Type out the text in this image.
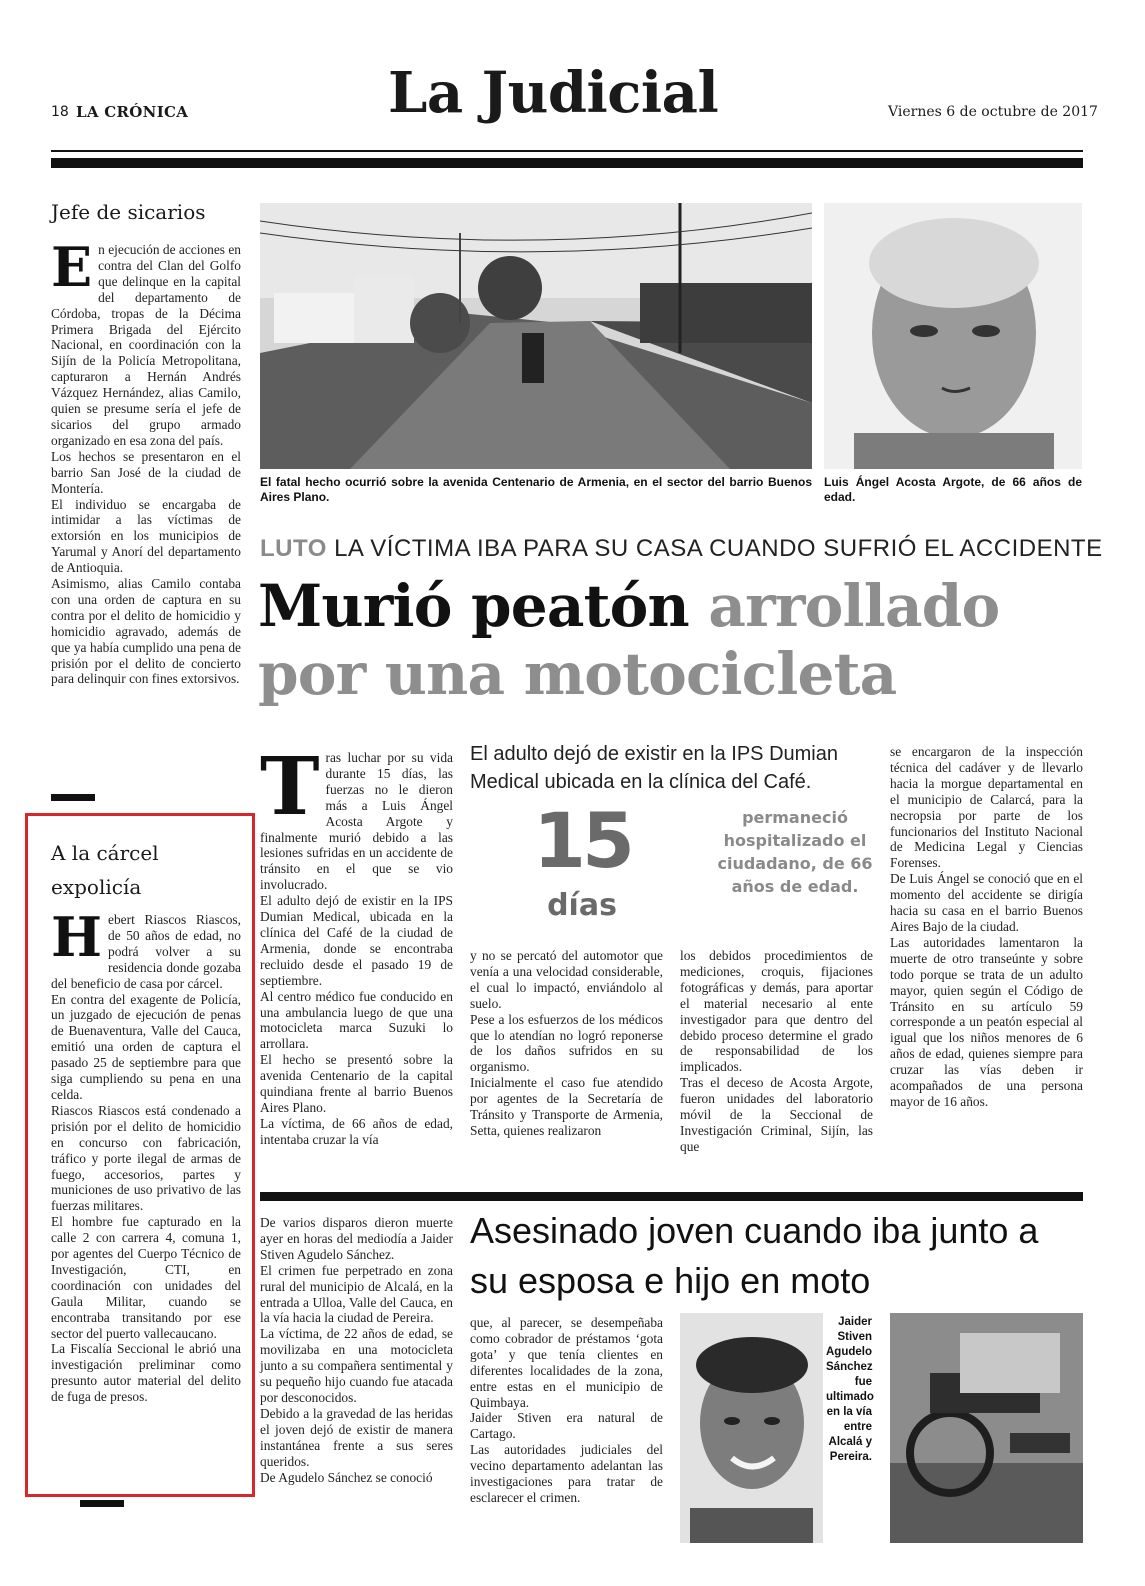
18 LA CRÓNICA	La Judicial	Viernes 6 de octubre de 2017
Jefe de sicarios
E n ejecución de acciones en contra del Clan del Golfo que delinque en la capital del departamento de Córdoba, tropas de la Décima Primera Brigada del Ejército Nacional, en coordinación con la Sijín de la Policía Metropolitana, capturaron a Hernán Andrés Vázquez Hernández, alias Camilo, quien se presume sería el jefe de sicarios del grupo armado organizado en esa zona del país.

Los hechos se presentaron en el barrio San José de la ciudad de Montería.

El individuo se encargaba de intimidar a las víctimas de extorsión en los municipios de Yarumal y Anorí del departamento de Antioquia.

Asimismo, alias Camilo contaba con una orden de captura en su contra por el delito de homicidio y homicidio agravado, además de que ya había cumplido una pena de prisión por el delito de concierto para delinquir con fines extorsivos.

A la cárcel expolicía
H ebert Riascos Riascos, de 50 años de edad, no podrá volver a su residencia donde gozaba del beneficio de casa por cárcel.

En contra del exagente de Policía, un juzgado de ejecución de penas de Buenaventura, Valle del Cauca, emitió una orden de captura el pasado 25 de septiembre para que siga cumpliendo su pena en una celda.

Riascos Riascos está condenado a prisión por el delito de homicidio en concurso con fabricación, tráfico y porte ilegal de armas de fuego, accesorios, partes y municiones de uso privativo de las fuerzas militares.

El hombre fue capturado en la calle 2 con carrera 4, comuna 1, por agentes del Cuerpo Técnico de Investigación, CTI, en coordinación con unidades del Gaula Militar, cuando se encontraba transitando por ese sector del puerto vallecaucano.

La Fiscalía Seccional le abrió una investigación preliminar como presunto autor material del delito de fuga de presos.

El fatal hecho ocurrió sobre la avenida Centenario de Armenia, en el sector del barrio Buenos Aires Plano.
Luis Ángel Acosta Argote, de 66 años de edad.
LUTO LA VÍCTIMA IBA PARA SU CASA CUANDO SUFRIÓ EL ACCIDENTE
Murió peatón arrollado
por una motocicleta
T ras luchar por su vida durante 15 días, las fuerzas no le dieron más a Luis Ángel Acosta Argote y finalmente murió debido a las lesiones sufridas en un accidente de tránsito en el que se vio involucrado.

El adulto dejó de existir en la IPS Dumian Medical, ubicada en la clínica del Café de la ciudad de Armenia, donde se encontraba recluido desde el pasado 19 de septiembre.

Al centro médico fue conducido en una ambulancia luego de que una motocicleta marca Suzuki lo arrollara.

El hecho se presentó sobre la avenida Centenario de la capital quindiana frente al barrio Buenos Aires Plano.

La víctima, de 66 años de edad, intentaba cruzar la vía

El adulto dejó de existir en la IPS Dumian Medical ubicada en la clínica del Café.
15
días
permaneció hospitalizado el ciudadano, de 66 años de edad.

y no se percató del automotor que venía a una velocidad considerable, el cual lo impactó, enviándolo al suelo.

Pese a los esfuerzos de los médicos que lo atendían no logró reponerse de los daños sufridos en su organismo.

Inicialmente el caso fue atendido por agentes de la Secretaría de Tránsito y Transporte de Armenia, Setta, quienes realizaron

los debidos procedimientos de mediciones, croquis, fijaciones fotográficas y demás, para aportar el material necesario al ente investigador para que dentro del debido proceso determine el grado de responsabilidad de los implicados.

Tras el deceso de Acosta Argote, fueron unidades del laboratorio móvil de la Seccional de Investigación Criminal, Sijín, las que

se encargaron de la inspección técnica del cadáver y de llevarlo hacia la morgue departamental en el municipio de Calarcá, para la necropsia por parte de los funcionarios del Instituto Nacional de Medicina Legal y Ciencias Forenses.

De Luis Ángel se conoció que en el momento del accidente se dirigía hacia su casa en el barrio Buenos Aires Bajo de la ciudad.

Las autoridades lamentaron la muerte de otro transeúnte y sobre todo porque se trata de un adulto mayor, quien según el Código de Tránsito en su artículo 59 corresponde a un peatón especial al igual que los niños menores de 6 años de edad, quienes siempre para cruzar las vías deben ir acompañados de una persona mayor de 16 años.

De varios disparos dieron muerte ayer en horas del mediodía a Jaider Stiven Agudelo Sánchez.

El crimen fue perpetrado en zona rural del municipio de Alcalá, en la entrada a Ulloa, Valle del Cauca, en la vía hacia la ciudad de Pereira.

La víctima, de 22 años de edad, se movilizaba en una motocicleta junto a su compañera sentimental y su pequeño hijo cuando fue atacada por desconocidos.

Debido a la gravedad de las heridas el joven dejó de existir de manera instantánea frente a sus seres queridos.

De Agudelo Sánchez se conoció

Asesinado joven cuando iba junto a su esposa e hijo en moto

que, al parecer, se desempeñaba como cobrador de préstamos ‘gota gota’ y que tenía clientes en diferentes localidades de la zona, entre estas en el municipio de Quimbaya.

Jaider Stiven era natural de Cartago.

Las autoridades judiciales del vecino departamento adelantan las investigaciones para tratar de esclarecer el crimen.

Jaider Stiven Agudelo Sánchez fue ultimado en la vía entre Alcalá y Pereira.
